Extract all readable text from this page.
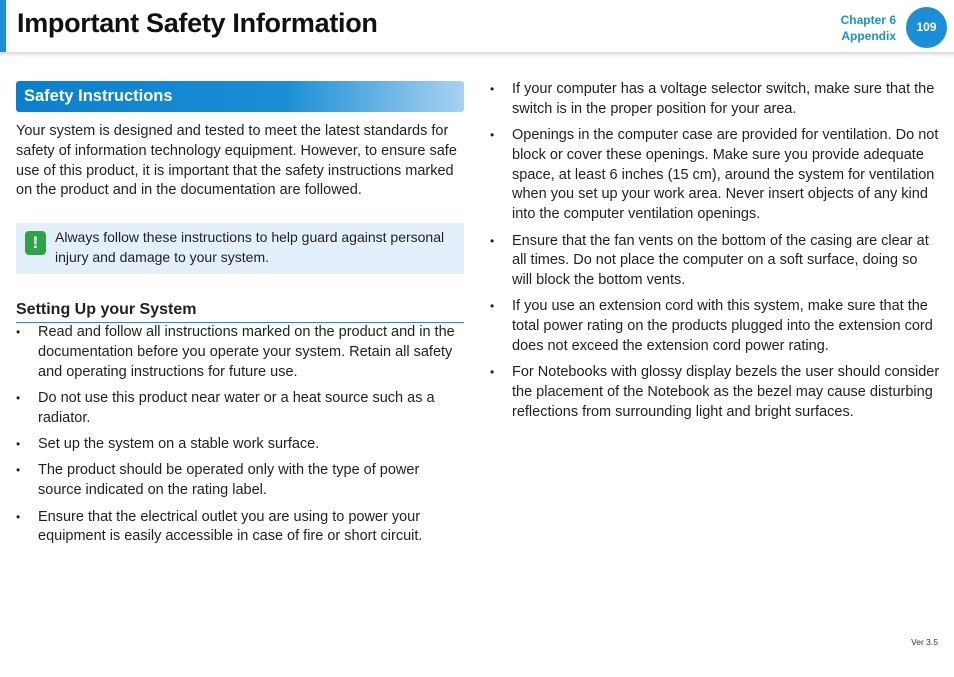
Important Safety Information	Chapter 6
Appendix
109
Safety Instructions

Your system is designed and tested to meet the latest standards for safety of information technology equipment. However, to ensure safe use of this product, it is important that the safety instructions marked on the product and in the documentation are followed.

!	Always follow these instructions to help guard against personal injury and damage to your system.
Setting Up your System
• Read and follow all instructions marked on the product and in the documentation before you operate your system. Retain all safety and operating instructions for future use.
• Do not use this product near water or a heat source such as a radiator.
• Set up the system on a stable work surface.
• The product should be operated only with the type of power source indicated on the rating label.
• Ensure that the electrical outlet you are using to power your equipment is easily accessible in case of fire or short circuit.
• If your computer has a voltage selector switch, make sure that the switch is in the proper position for your area.
• Openings in the computer case are provided for ventilation. Do not block or cover these openings. Make sure you provide adequate space, at least 6 inches (15 cm), around the system for ventilation when you set up your work area. Never insert objects of any kind into the computer ventilation openings.
• Ensure that the fan vents on the bottom of the casing are clear at all times. Do not place the computer on a soft surface, doing so will block the bottom vents.
• If you use an extension cord with this system, make sure that the total power rating on the products plugged into the extension cord does not exceed the extension cord power rating.
• For Notebooks with glossy display bezels the user should consider the placement of the Notebook as the bezel may cause disturbing reflections from surrounding light and bright surfaces.
Ver 3.5
